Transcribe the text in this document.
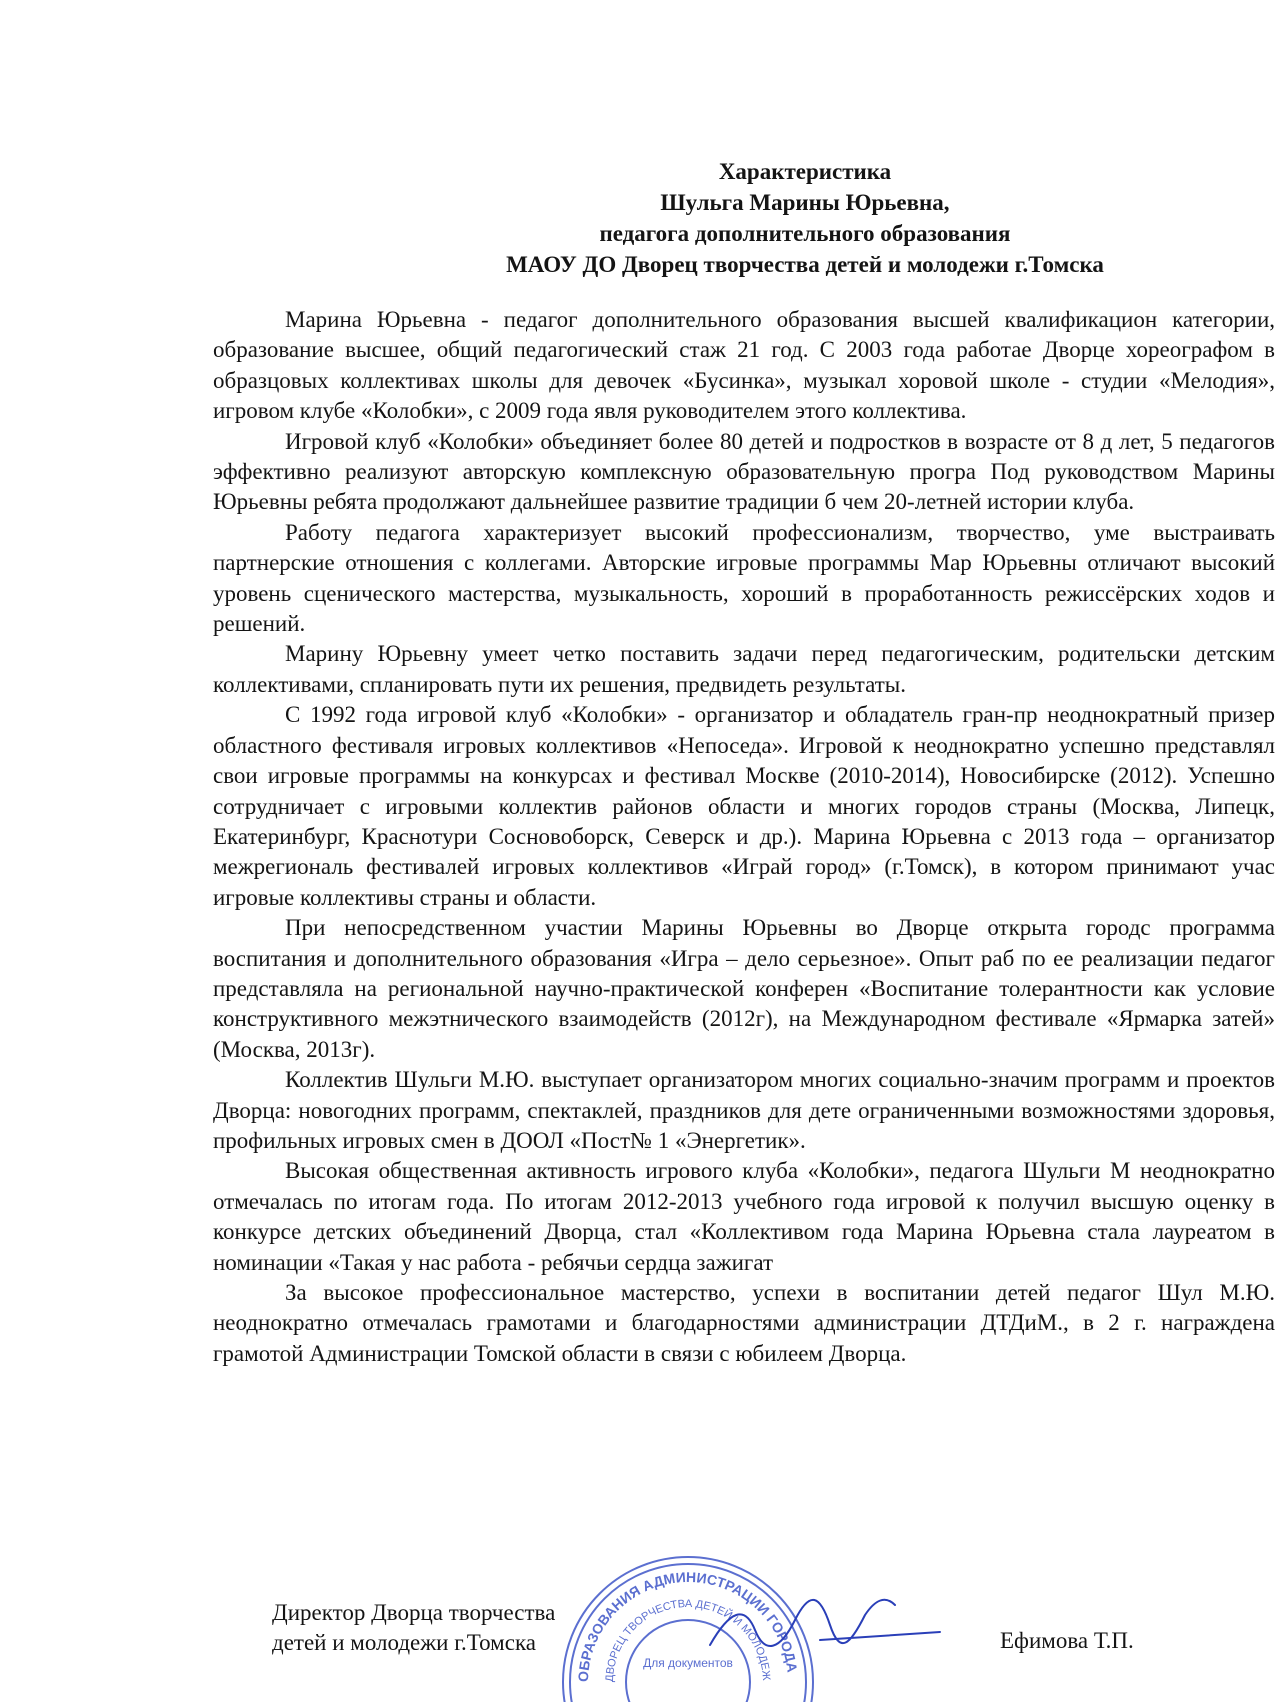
Характеристика
Шульга Марины Юрьевна,
педагога дополнительного образования
МАОУ ДО Дворец творчества детей и молодежи г.Томска

Марина Юрьевна - педагог дополнительного образования высшей квалификацион категории, образование высшее, общий педагогический стаж 21 год. С 2003 года работае Дворце хореографом в образцовых коллективах школы для девочек «Бусинка», музыкал хоровой школе - студии «Мелодия», игровом клубе «Колобки», с 2009 года явля руководителем этого коллектива.

Игровой клуб «Колобки» объединяет более 80 детей и подростков в возрасте от 8 д лет, 5 педагогов эффективно реализуют авторскую комплексную образовательную програ Под руководством Марины Юрьевны ребята продолжают дальнейшее развитие традиции б чем 20-летней истории клуба.

Работу педагога характеризует высокий профессионализм, творчество, уме выстраивать партнерские отношения с коллегами. Авторские игровые программы Мар Юрьевны отличают высокий уровень сценического мастерства, музыкальность, хороший в проработанность режиссёрских ходов и решений.

Марину Юрьевну умеет четко поставить задачи перед педагогическим, родительски детским коллективами, спланировать пути их решения, предвидеть результаты.

С 1992 года игровой клуб «Колобки» - организатор и обладатель гран-пр неоднократный призер областного фестиваля игровых коллективов «Непоседа». Игровой к неоднократно успешно представлял свои игровые программы на конкурсах и фестивал Москве (2010-2014), Новосибирске (2012). Успешно сотрудничает с игровыми коллектив районов области и многих городов страны (Москва, Липецк, Екатеринбург, Краснотури Сосновоборск, Северск и др.). Марина Юрьевна с 2013 года – организатор межрегиональ фестивалей игровых коллективов «Играй город» (г.Томск), в котором принимают учас игровые коллективы страны и области.

При непосредственном участии Марины Юрьевны во Дворце открыта городс программа воспитания и дополнительного образования «Игра – дело серьезное». Опыт раб по ее реализации педагог представляла на региональной научно-практической конферен «Воспитание толерантности как условие конструктивного межэтнического взаимодейств (2012г), на Международном фестивале «Ярмарка затей» (Москва, 2013г).

Коллектив Шульги М.Ю. выступает организатором многих социально-значим программ и проектов Дворца: новогодних программ, спектаклей, праздников для дете ограниченными возможностями здоровья, профильных игровых смен в ДООЛ «Пост№ 1 «Энергетик».

Высокая общественная активность игрового клуба «Колобки», педагога Шульги М неоднократно отмечалась по итогам года. По итогам 2012-2013 учебного года игровой к получил высшую оценку в конкурсе детских объединений Дворца, стал «Коллективом года Марина Юрьевна стала лауреатом в номинации «Такая у нас работа - ребячьи сердца зажигат

За высокое профессиональное мастерство, успехи в воспитании детей педагог Шул М.Ю. неоднократно отмечалась грамотами и благодарностями администрации ДТДиМ., в 2 г. награждена грамотой Администрации Томской области в связи с юбилеем Дворца.

ОБРАЗОВАНИЯ АДМИНИСТРАЦИИ ГОРОДА
ДВОРЕЦ ТВОРЧЕСТВА ДЕТЕЙ И МОЛОДЕЖИ
Для документов
Директор Дворца творчества
детей и молодежи г.Томска	Ефимова Т.П.
